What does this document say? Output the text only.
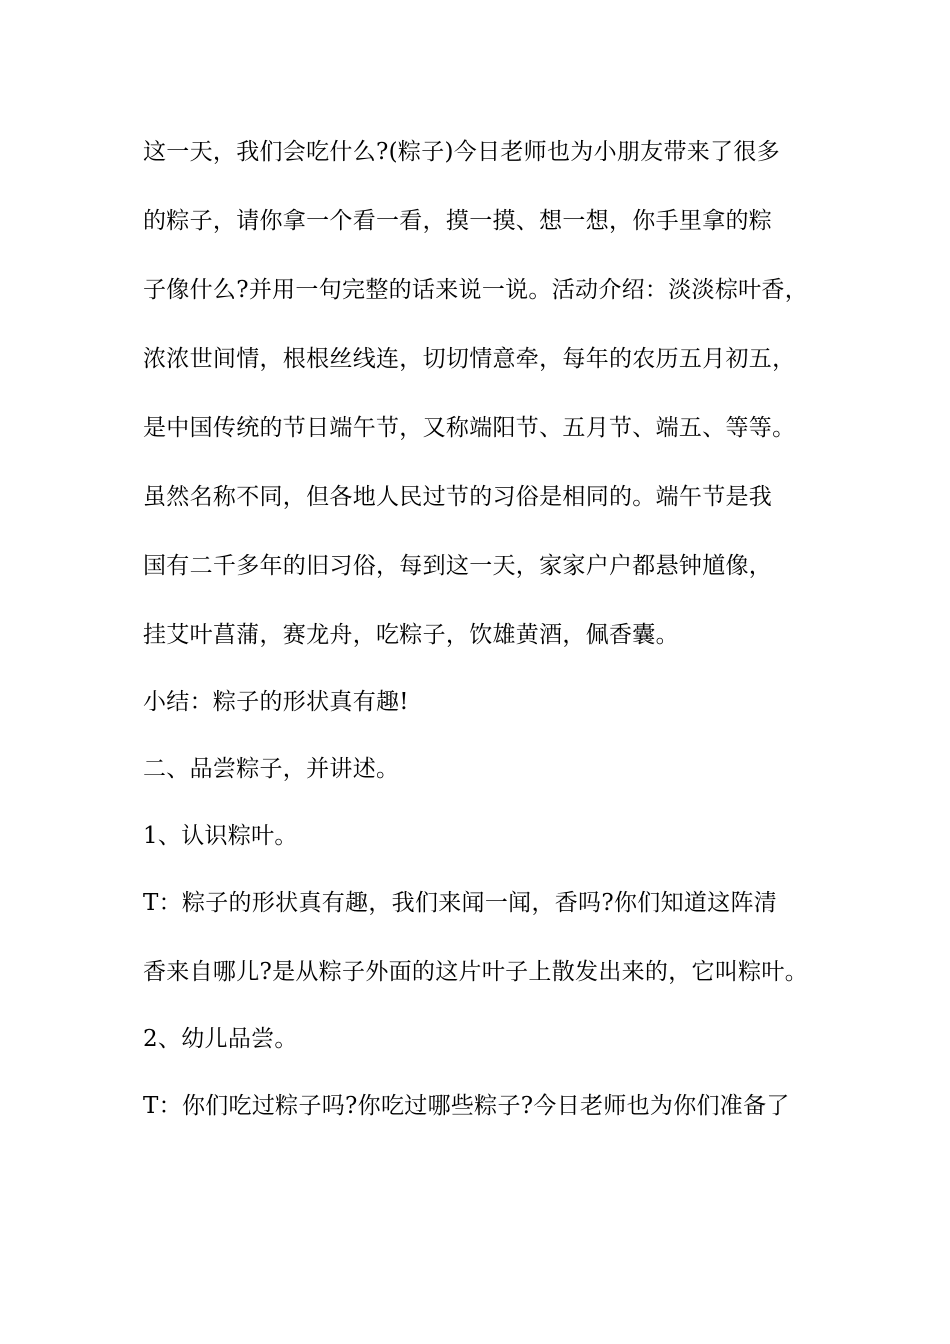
这一天，我们会吃什么?(粽子)今日老师也为小朋友带来了很多

的粽子，请你拿一个看一看，摸一摸、想一想，你手里拿的粽

子像什么?并用一句完整的话来说一说。活动介绍：淡淡棕叶香，

浓浓世间情，根根丝线连，切切情意牵，每年的农历五月初五，

是中国传统的节日端午节，又称端阳节、五月节、端五、等等。

虽然名称不同，但各地人民过节的习俗是相同的。端午节是我

国有二千多年的旧习俗，每到这一天，家家户户都悬钟馗像，

挂艾叶菖蒲，赛龙舟，吃粽子，饮雄黄酒，佩香囊。

小结：粽子的形状真有趣!

二、品尝粽子，并讲述。

1、认识粽叶。

T：粽子的形状真有趣，我们来闻一闻，香吗?你们知道这阵清

香来自哪儿?是从粽子外面的这片叶子上散发出来的，它叫粽叶。

2、幼儿品尝。

T：你们吃过粽子吗?你吃过哪些粽子?今日老师也为你们准备了
